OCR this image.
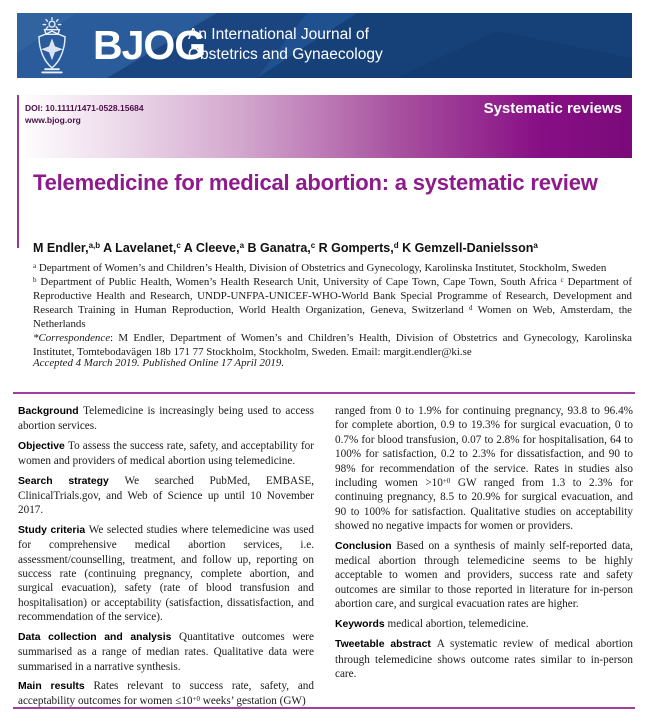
BJOG
An International Journal of
Obstetrics and Gynaecology
DOI: 10.1111/1471-0528.15684
www.bjog.org
Systematic reviews
Telemedicine for medical abortion: a systematic review

M Endler,$^{a,b}$ A Lavelanet,$^c$ A Cleeve,$^a$ B Ganatra,$^c$ R Gomperts,$^d$ K Gemzell-Danielsson$^a$

$^a$ Department of Women’s and Children’s Health, Division of Obstetrics and Gynecology, Karolinska Institutet, Stockholm, Sweden

$^b$ Department of Public Health, Women’s Health Research Unit, University of Cape Town, Cape Town, South Africa $^c$ Department of Reproductive Health and Research, UNDP-UNFPA-UNICEF-WHO-World Bank Special Programme of Research, Development and Research Training in Human Reproduction, World Health Organization, Geneva, Switzerland $^d$ Women on Web, Amsterdam, the Netherlands

*Correspondence: M Endler, Department of Women’s and Children’s Health, Division of Obstetrics and Gynecology, Karolinska Institutet, Tomtebodavägen 18b 171 77 Stockholm, Stockholm, Sweden. Email: margit.endler@ki.se

Accepted 4 March 2019. Published Online 17 April 2019.

Background Telemedicine is increasingly being used to access abortion services.

Objective To assess the success rate, safety, and acceptability for women and providers of medical abortion using telemedicine.

Search strategy We searched PubMed, EMBASE, ClinicalTrials.gov, and Web of Science up until 10 November 2017.

Study criteria We selected studies where telemedicine was used for comprehensive medical abortion services, i.e. assessment/counselling, treatment, and follow up, reporting on success rate (continuing pregnancy, complete abortion, and surgical evacuation), safety (rate of blood transfusion and hospitalisation) or acceptability (satisfaction, dissatisfaction, and recommendation of the service).

Data collection and analysis Quantitative outcomes were summarised as a range of median rates. Qualitative data were summarised in a narrative synthesis.

Main results Rates relevant to success rate, safety, and acceptability outcomes for women $\le 10^{+0}$ weeks’ gestation (GW)

ranged from 0 to 1.9% for continuing pregnancy, 93.8 to 96.4% for complete abortion, 0.9 to 19.3% for surgical evacuation, 0 to 0.7% for blood transfusion, 0.07 to 2.8% for hospitalisation, 64 to 100% for satisfaction, 0.2 to 2.3% for dissatisfaction, and 90 to 98% for recommendation of the service. Rates in studies also including women $>10^{+0}$ GW ranged from 1.3 to 2.3% for continuing pregnancy, 8.5 to 20.9% for surgical evacuation, and 90 to 100% for satisfaction. Qualitative studies on acceptability showed no negative impacts for women or providers.

Conclusion Based on a synthesis of mainly self-reported data, medical abortion through telemedicine seems to be highly acceptable to women and providers, success rate and safety outcomes are similar to those reported in literature for in-person abortion care, and surgical evacuation rates are higher.

Keywords medical abortion, telemedicine.

Tweetable abstract A systematic review of medical abortion through telemedicine shows outcome rates similar to in-person care.
